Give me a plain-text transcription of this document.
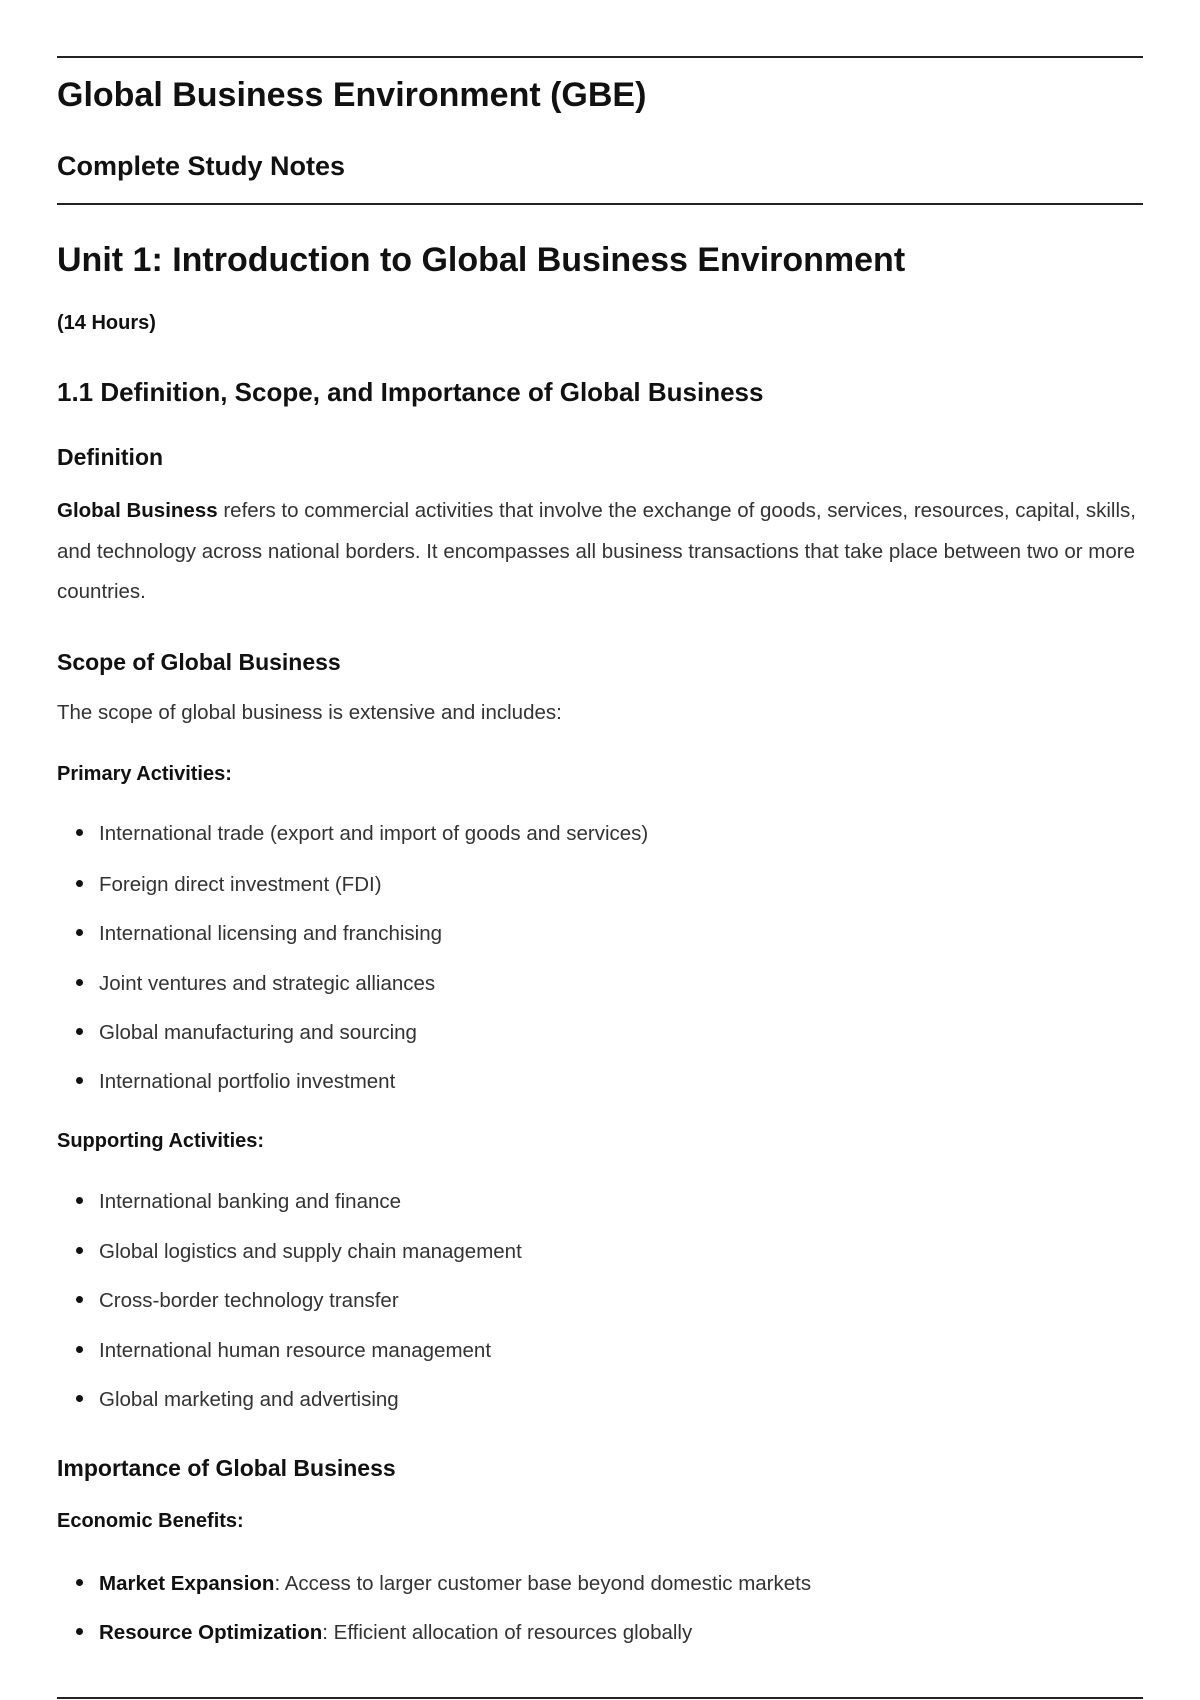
Global Business Environment (GBE)
Complete Study Notes
Unit 1: Introduction to Global Business Environment
(14 Hours)
1.1 Definition, Scope, and Importance of Global Business
Definition

Global Business refers to commercial activities that involve the exchange of goods, services, resources, capital, skills, and technology across national borders. It encompasses all business transactions that take place between two or more countries.

Scope of Global Business

The scope of global business is extensive and includes:

Primary Activities:
International trade (export and import of goods and services)
Foreign direct investment (FDI)
International licensing and franchising
Joint ventures and strategic alliances
Global manufacturing and sourcing
International portfolio investment
Supporting Activities:
International banking and finance
Global logistics and supply chain management
Cross-border technology transfer
International human resource management
Global marketing and advertising
Importance of Global Business
Economic Benefits:
Market Expansion: Access to larger customer base beyond domestic markets
Resource Optimization: Efficient allocation of resources globally
